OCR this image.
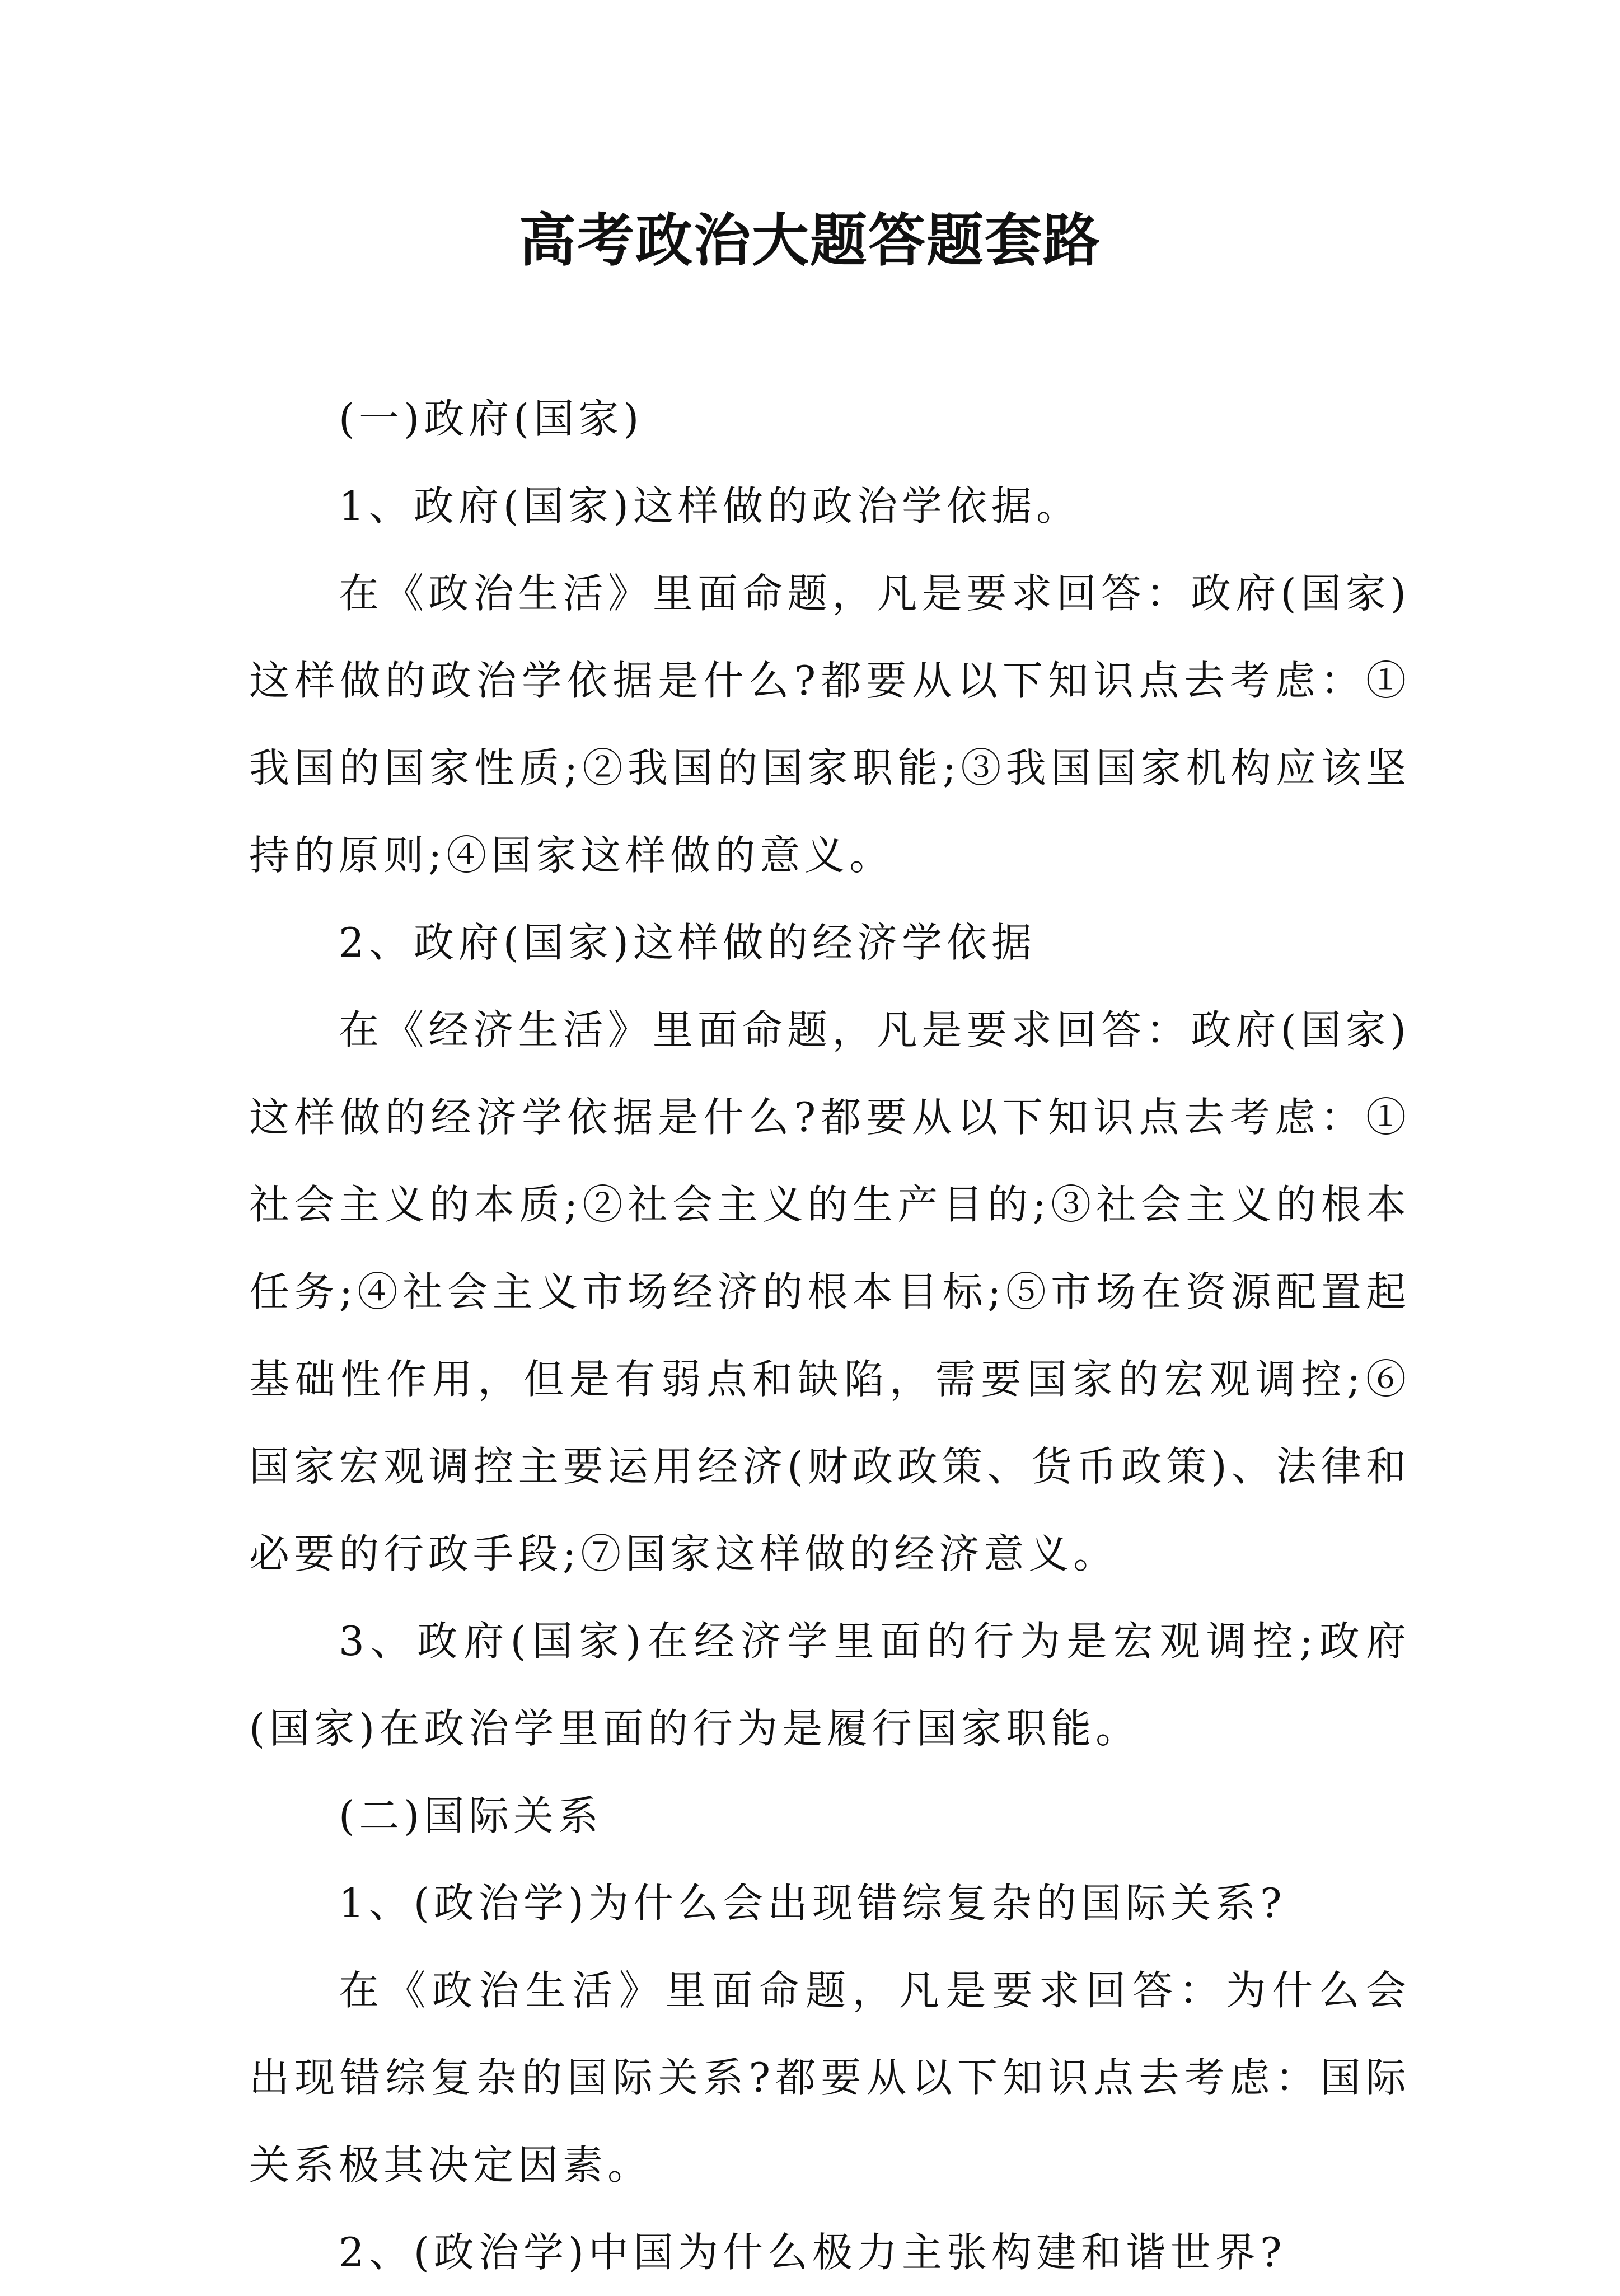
高考政治大题答题套路

(一)政府(国家)

1、政府(国家)这样做的政治学依据。

在《政治生活》里面命题，凡是要求回答：政府(国家)这样做的政治学依据是什么?都要从以下知识点去考虑：①我国的国家性质;②我国的国家职能;③我国国家机构应该坚持的原则;④国家这样做的意义。

2、政府(国家)这样做的经济学依据

在《经济生活》里面命题，凡是要求回答：政府(国家)这样做的经济学依据是什么?都要从以下知识点去考虑：①社会主义的本质;②社会主义的生产目的;③社会主义的根本任务;④社会主义市场经济的根本目标;⑤市场在资源配置起基础性作用，但是有弱点和缺陷，需要国家的宏观调控;⑥国家宏观调控主要运用经济(财政政策、货币政策)、法律和必要的行政手段;⑦国家这样做的经济意义。

3、政府(国家)在经济学里面的行为是宏观调控;政府(国家)在政治学里面的行为是履行国家职能。

(二)国际关系

1、(政治学)为什么会出现错综复杂的国际关系?

在《政治生活》里面命题，凡是要求回答：为什么会出现错综复杂的国际关系?都要从以下知识点去考虑：国际关系极其决定因素。

2、(政治学)中国为什么极力主张构建和谐世界?
